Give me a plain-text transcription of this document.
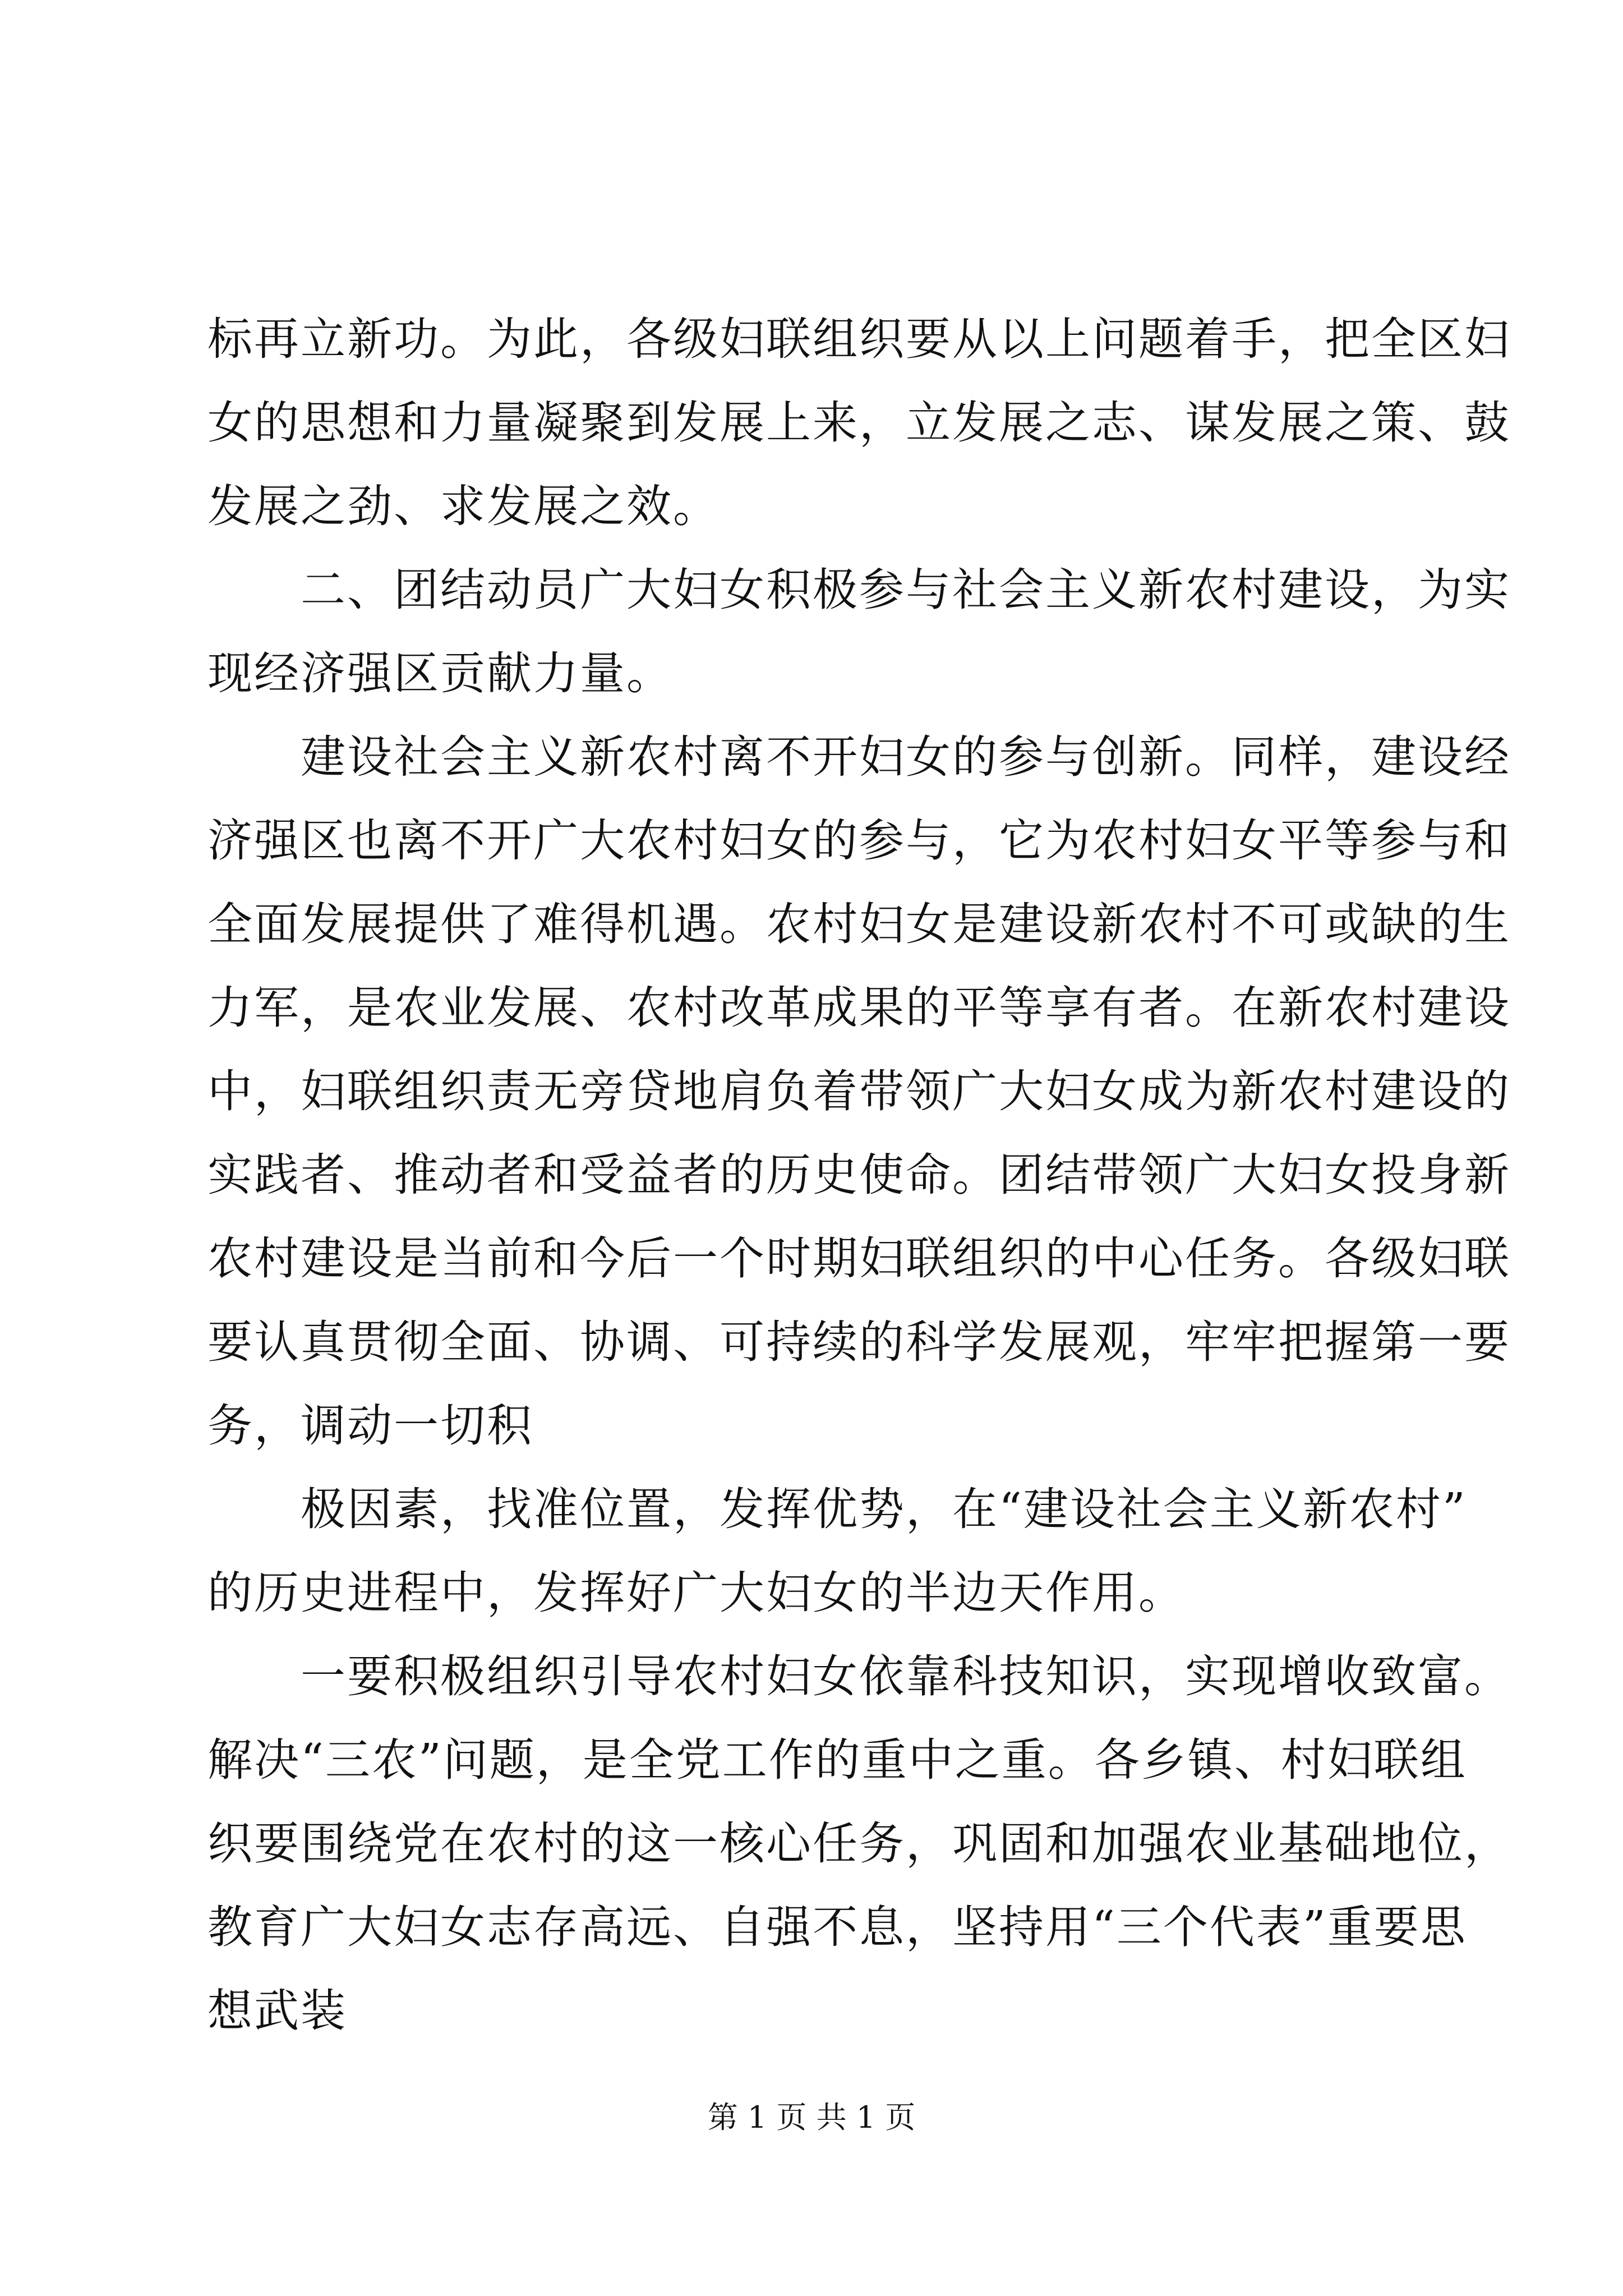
标再立新功。为此，各级妇联组织要从以上问题着手，把全区妇
女的思想和力量凝聚到发展上来，立发展之志、谋发展之策、鼓
发展之劲、求发展之效。
　　二、团结动员广大妇女积极参与社会主义新农村建设，为实
现经济强区贡献力量。
　　建设社会主义新农村离不开妇女的参与创新。同样，建设经
济强区也离不开广大农村妇女的参与，它为农村妇女平等参与和
全面发展提供了难得机遇。农村妇女是建设新农村不可或缺的生
力军，是农业发展、农村改革成果的平等享有者。在新农村建设
中，妇联组织责无旁贷地肩负着带领广大妇女成为新农村建设的
实践者、推动者和受益者的历史使命。团结带领广大妇女投身新
农村建设是当前和今后一个时期妇联组织的中心任务。各级妇联
要认真贯彻全面、协调、可持续的科学发展观，牢牢把握第一要
务，调动一切积
　　极因素，找准位置，发挥优势，在“建设社会主义新农村”
的历史进程中，发挥好广大妇女的半边天作用。
　　一要积极组织引导农村妇女依靠科技知识，实现增收致富。
解决“三农”问题，是全党工作的重中之重。各乡镇、村妇联组
织要围绕党在农村的这一核心任务，巩固和加强农业基础地位，
教育广大妇女志存高远、自强不息，坚持用“三个代表”重要思
想武装
第 1 页 共 1 页
